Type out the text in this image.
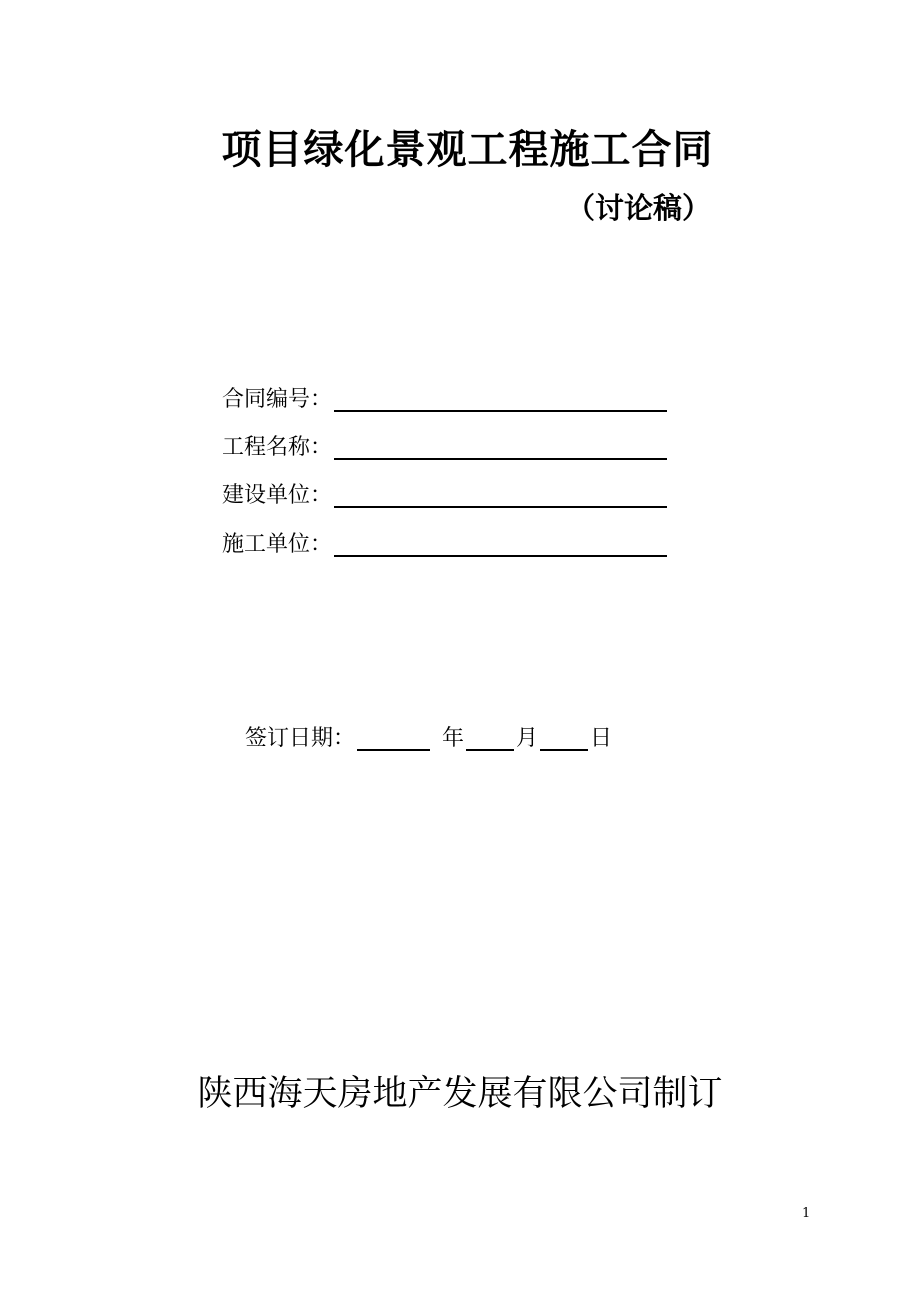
项目绿化景观工程施工合同
（讨论稿）
合同编号：
工程名称：
建设单位：
施工单位：
签订日期：	年 月 日
陕西海天房地产发展有限公司制订
1
